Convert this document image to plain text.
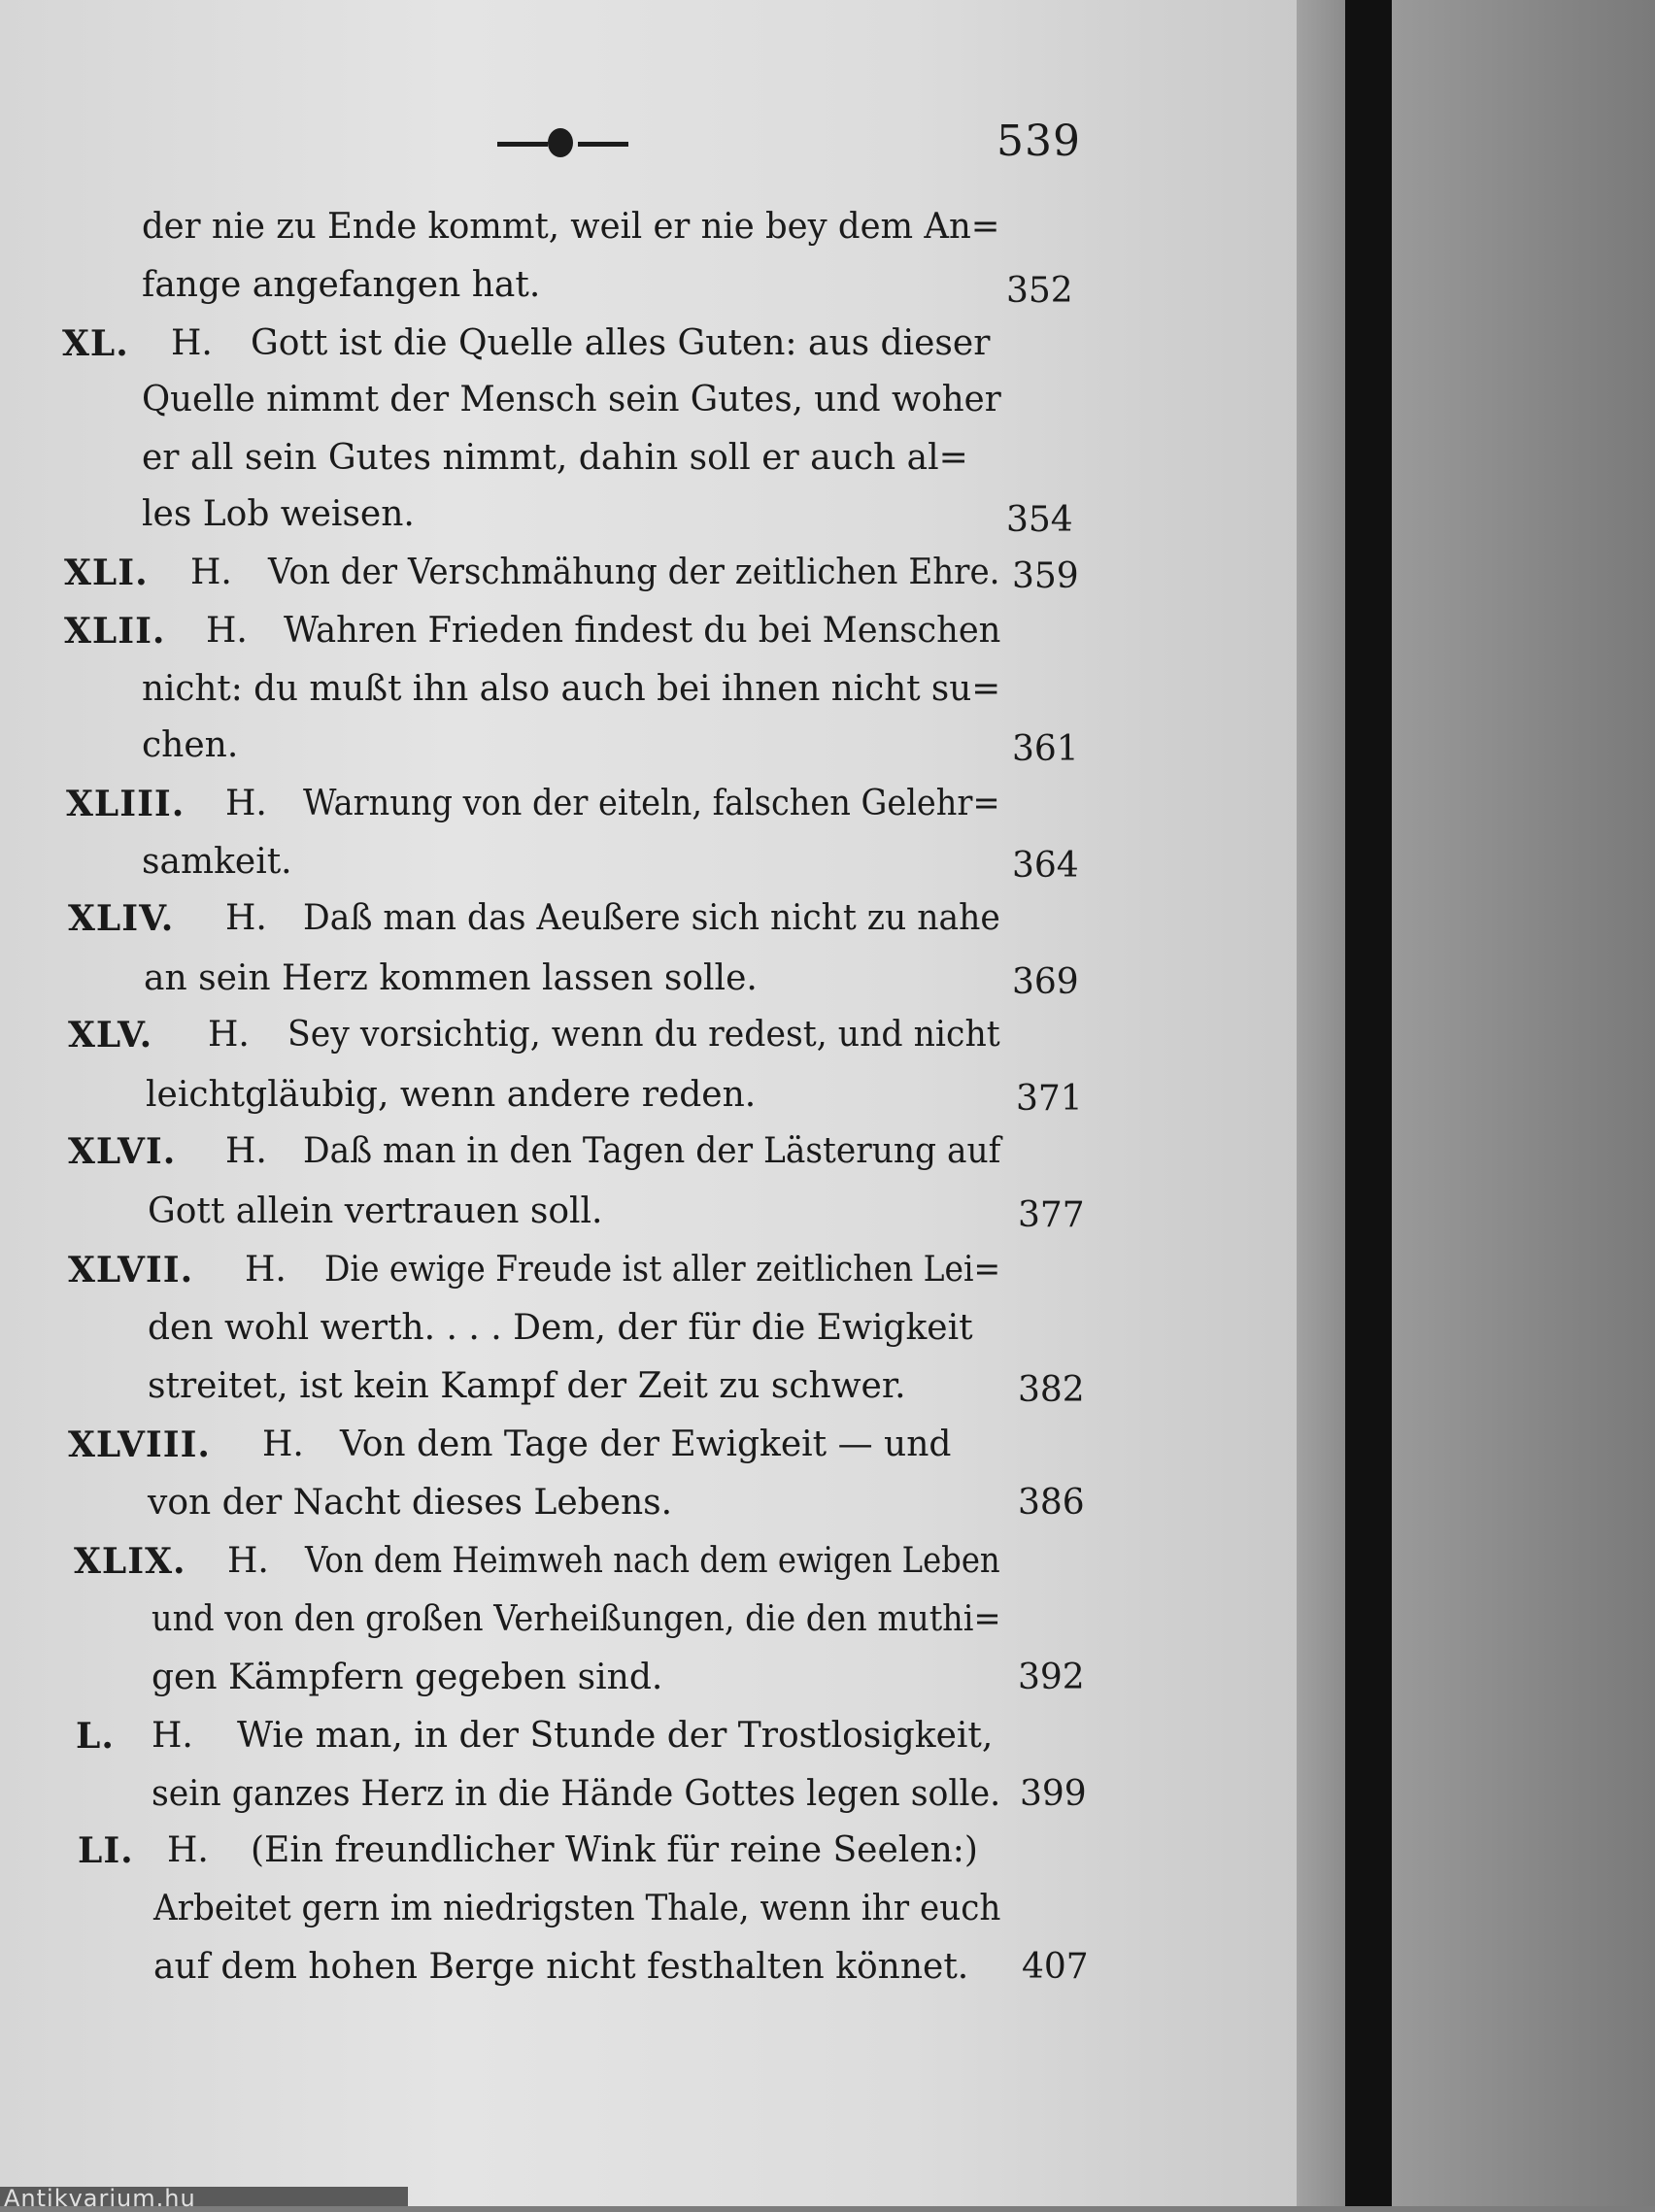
539
der nie zu Ende kommt, weil er nie bey dem An=
fange angefangen hat.	352
XL. H. Gott ist die Quelle alles Guten: aus dieser
Quelle nimmt der Mensch sein Gutes, und woher
er all sein Gutes nimmt, dahin soll er auch al=
les Lob weisen.	354
XLI. H. Von der Verschmähung der zeitlichen Ehre. 359
XLII. H. Wahren Frieden findest du bei Menschen
nicht: du mußt ihn also auch bei ihnen nicht su=
chen.	361
XLIII. H. Warnung von der eiteln, falschen Gelehr=
samkeit.	364
XLIV. H. Daß man das Aeußere sich nicht zu nahe
an sein Herz kommen lassen solle.	369
XLV. H. Sey vorsichtig, wenn du redest, und nicht
leichtgläubig, wenn andere reden.	371
XLVI. H. Daß man in den Tagen der Lästerung auf
Gott allein vertrauen soll.	377
XLVII. H. Die ewige Freude ist aller zeitlichen Lei=
den wohl werth. . . . Dem, der für die Ewigkeit
streitet, ist kein Kampf der Zeit zu schwer.	382
XLVIII. H. Von dem Tage der Ewigkeit — und
von der Nacht dieses Lebens.	386
XLIX. H. Von dem Heimweh nach dem ewigen Leben
und von den großen Verheißungen, die den muthi=
gen Kämpfern gegeben sind.	392
L. H. Wie man, in der Stunde der Trostlosigkeit,
sein ganzes Herz in die Hände Gottes legen solle. 399
LI. H. (Ein freundlicher Wink für reine Seelen:)
Arbeitet gern im niedrigsten Thale, wenn ihr euch
auf dem hohen Berge nicht festhalten könnet. 407
Antikvarium.hu
